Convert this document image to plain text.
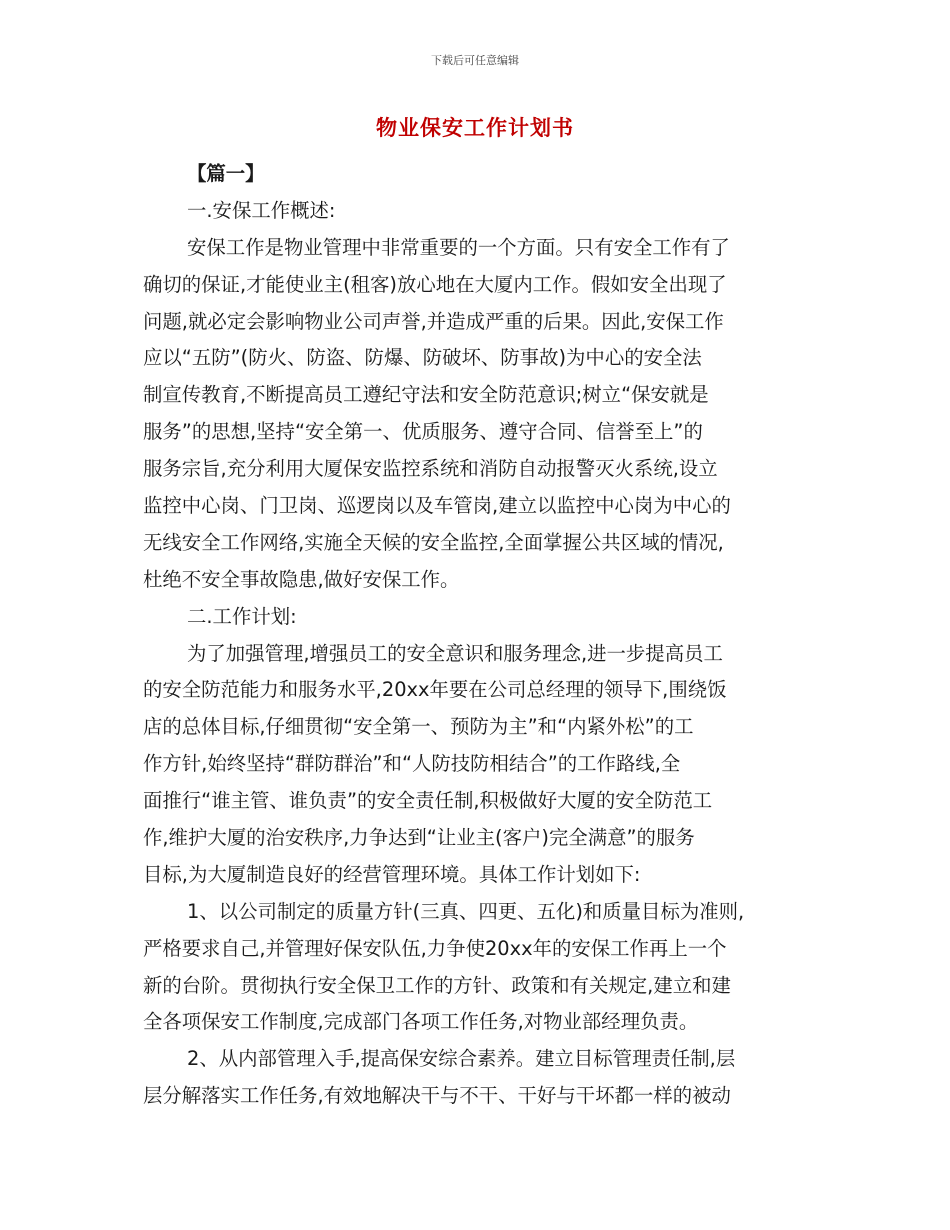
下载后可任意编辑
物业保安工作计划书
【篇一】
一.安保工作概述:
安保工作是物业管理中非常重要的一个方面。只有安全工作有了
确切的保证,才能使业主(租客)放心地在大厦内工作。假如安全出现了
问题,就必定会影响物业公司声誉,并造成严重的后果。因此,安保工作
应以“五防”(防火、防盗、防爆、防破坏、防事故)为中心的安全法
制宣传教育,不断提高员工遵纪守法和安全防范意识;树立“保安就是
服务”的思想,坚持“安全第一、优质服务、遵守合同、信誉至上”的
服务宗旨,充分利用大厦保安监控系统和消防自动报警灭火系统,设立
监控中心岗、门卫岗、巡逻岗以及车管岗,建立以监控中心岗为中心的
无线安全工作网络,实施全天候的安全监控,全面掌握公共区域的情况,
杜绝不安全事故隐患,做好安保工作。
二.工作计划:
为了加强管理,增强员工的安全意识和服务理念,进一步提高员工
的安全防范能力和服务水平,20xx年要在公司总经理的领导下,围绕饭
店的总体目标,仔细贯彻“安全第一、预防为主”和“内紧外松”的工
作方针,始终坚持“群防群治”和“人防技防相结合”的工作路线,全
面推行“谁主管、谁负责”的安全责任制,积极做好大厦的安全防范工
作,维护大厦的治安秩序,力争达到“让业主(客户)完全满意”的服务
目标,为大厦制造良好的经营管理环境。具体工作计划如下:
1、以公司制定的质量方针(三真、四更、五化)和质量目标为准则,
严格要求自己,并管理好保安队伍,力争使20xx年的安保工作再上一个
新的台阶。贯彻执行安全保卫工作的方针、政策和有关规定,建立和建
全各项保安工作制度,完成部门各项工作任务,对物业部经理负责。
2、从内部管理入手,提高保安综合素养。建立目标管理责任制,层
层分解落实工作任务,有效地解决干与不干、干好与干坏都一样的被动
